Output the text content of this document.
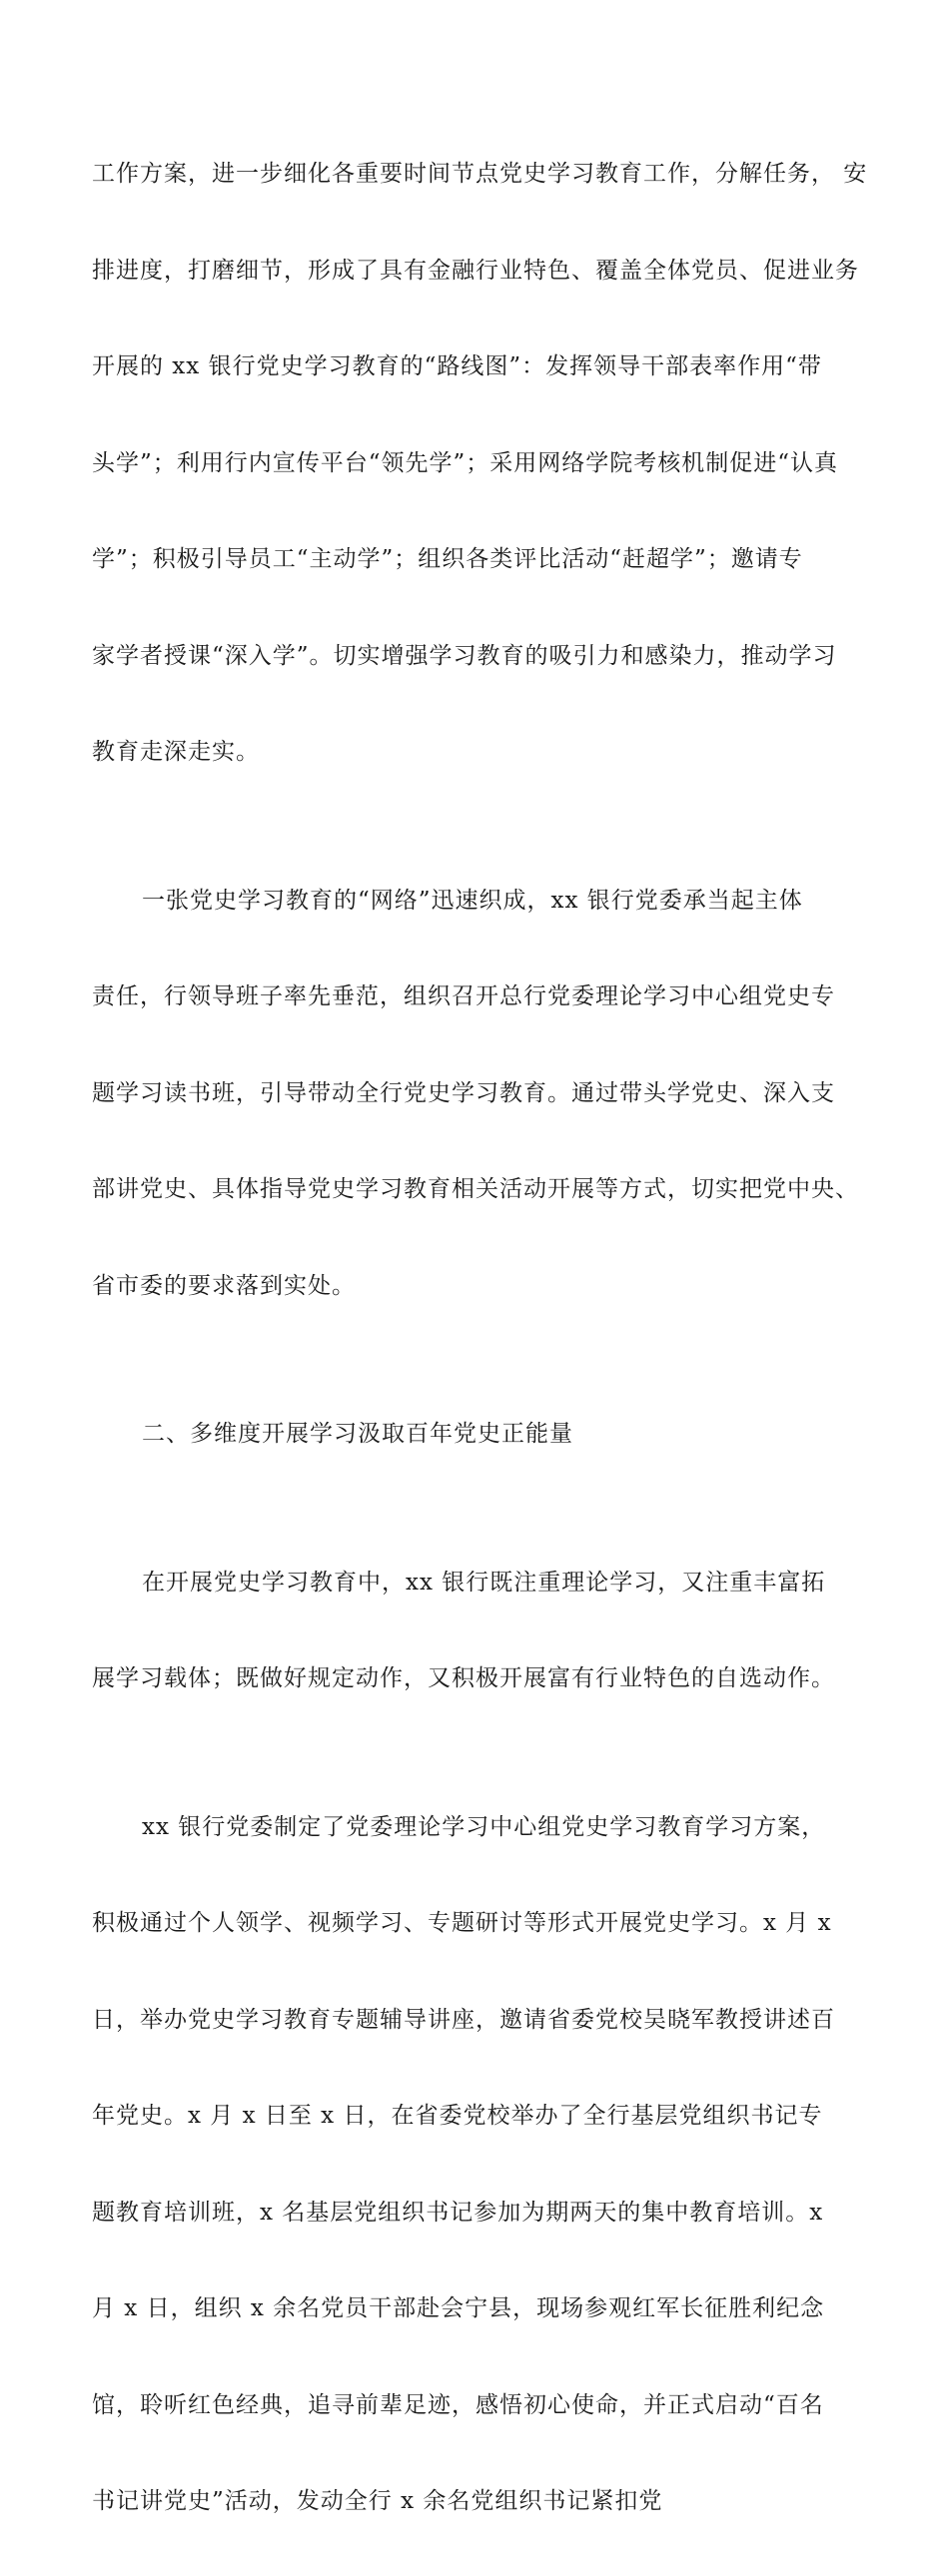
工作方案，进一步细化各重要时间节点党史学习教育工作，分解任务， 安

排进度，打磨细节，形成了具有金融行业特色、覆盖全体党员、促进业务

开展的 xx 银行党史学习教育的“路线图”：发挥领导干部表率作用“带

头学”；利用行内宣传平台“领先学”；采用网络学院考核机制促进“认真

学”；积极引导员工“主动学”；组织各类评比活动“赶超学”；邀请专

家学者授课“深入学”。切实增强学习教育的吸引力和感染力，推动学习

教育走深走实。

一张党史学习教育的“网络”迅速织成，xx 银行党委承当起主体

责任，行领导班子率先垂范，组织召开总行党委理论学习中心组党史专

题学习读书班，引导带动全行党史学习教育。通过带头学党史、深入支

部讲党史、具体指导党史学习教育相关活动开展等方式，切实把党中央、

省市委的要求落到实处。

二、多维度开展学习汲取百年党史正能量

在开展党史学习教育中，xx 银行既注重理论学习，又注重丰富拓

展学习载体；既做好规定动作，又积极开展富有行业特色的自选动作。

xx 银行党委制定了党委理论学习中心组党史学习教育学习方案，

积极通过个人领学、视频学习、专题研讨等形式开展党史学习。x 月 x

日，举办党史学习教育专题辅导讲座，邀请省委党校吴晓军教授讲述百

年党史。x 月 x 日至 x 日，在省委党校举办了全行基层党组织书记专

题教育培训班，x 名基层党组织书记参加为期两天的集中教育培训。x

月 x 日，组织 x 余名党员干部赴会宁县，现场参观红军长征胜利纪念

馆，聆听红色经典，追寻前辈足迹，感悟初心使命，并正式启动“百名

书记讲党史”活动，发动全行 x 余名党组织书记紧扣党
